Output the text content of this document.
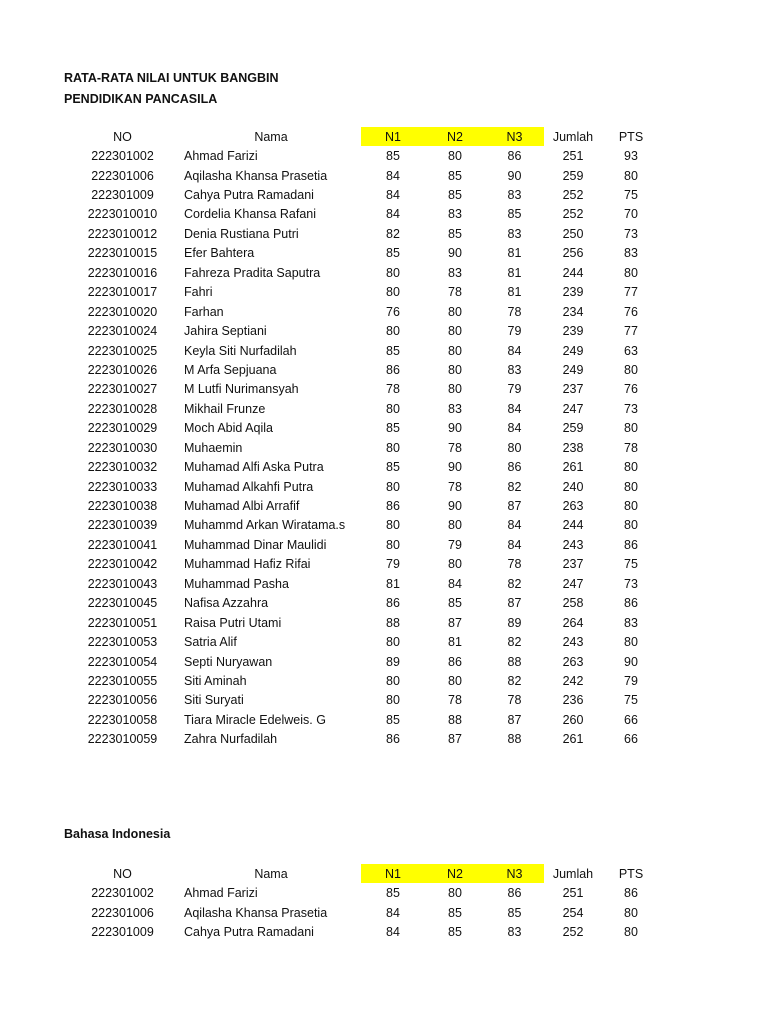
RATA-RATA NILAI UNTUK BANGBIN
PENDIDIKAN PANCASILA
NO	Nama	N1	N2	N3	Jumlah	PTS
222301002	Ahmad Farizi	85	80	86	251	93
222301006	Aqilasha Khansa Prasetia	84	85	90	259	80
222301009	Cahya Putra Ramadani	84	85	83	252	75
2223010010	Cordelia Khansa Rafani	84	83	85	252	70
2223010012	Denia Rustiana Putri	82	85	83	250	73
2223010015	Efer Bahtera	85	90	81	256	83
2223010016	Fahreza Pradita Saputra	80	83	81	244	80
2223010017	Fahri	80	78	81	239	77
2223010020	Farhan	76	80	78	234	76
2223010024	Jahira Septiani	80	80	79	239	77
2223010025	Keyla Siti Nurfadilah	85	80	84	249	63
2223010026	M Arfa Sepjuana	86	80	83	249	80
2223010027	M Lutfi Nurimansyah	78	80	79	237	76
2223010028	Mikhail Frunze	80	83	84	247	73
2223010029	Moch Abid Aqila	85	90	84	259	80
2223010030	Muhaemin	80	78	80	238	78
2223010032	Muhamad Alfi Aska Putra	85	90	86	261	80
2223010033	Muhamad Alkahfi Putra	80	78	82	240	80
2223010038	Muhamad Albi Arrafif	86	90	87	263	80
2223010039	Muhammd Arkan Wiratama.s	80	80	84	244	80
2223010041	Muhammad Dinar Maulidi	80	79	84	243	86
2223010042	Muhammad Hafiz Rifai	79	80	78	237	75
2223010043	Muhammad Pasha	81	84	82	247	73
2223010045	Nafisa Azzahra	86	85	87	258	86
2223010051	Raisa Putri Utami	88	87	89	264	83
2223010053	Satria Alif	80	81	82	243	80
2223010054	Septi Nuryawan	89	86	88	263	90
2223010055	Siti Aminah	80	80	82	242	79
2223010056	Siti Suryati	80	78	78	236	75
2223010058	Tiara Miracle Edelweis. G	85	88	87	260	66
2223010059	Zahra Nurfadilah	86	87	88	261	66
Bahasa Indonesia
NO	Nama	N1	N2	N3	Jumlah	PTS
222301002	Ahmad Farizi	85	80	86	251	86
222301006	Aqilasha Khansa Prasetia	84	85	85	254	80
222301009	Cahya Putra Ramadani	84	85	83	252	80
